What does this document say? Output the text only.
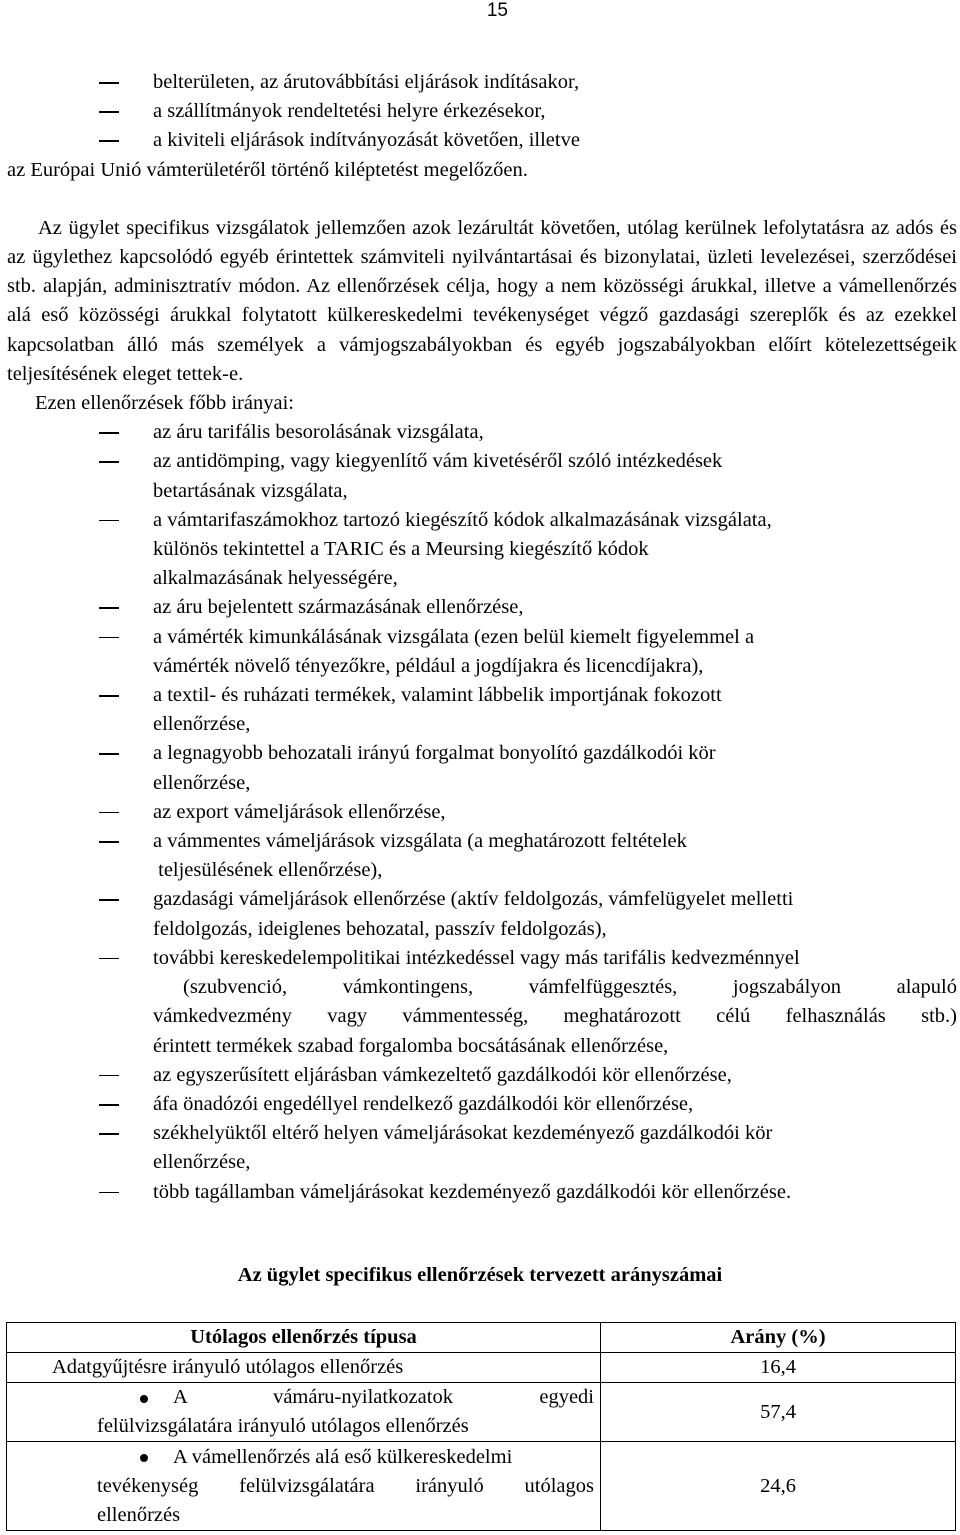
15
belterületen, az árutovábbítási eljárások indításakor,
a szállítmányok rendeltetési helyre érkezésekor,
a kiviteli eljárások indítványozását követően, illetve
az Európai Unió vámterületéről történő kiléptetést megelőzően.
Az ügylet specifikus vizsgálatok jellemzően azok lezárultát követően, utólag kerülnek lefolytatásra az adós és az ügylethez kapcsolódó egyéb érintettek számviteli nyilvántartásai és bizonylatai, üzleti levelezései, szerződései stb. alapján, adminisztratív módon. Az ellenőrzések célja, hogy a nem közösségi árukkal, illetve a vámellenőrzés alá eső közösségi árukkal folytatott külkereskedelmi tevékenységet végző gazdasági szereplők és az ezekkel kapcsolatban álló más személyek a vámjogszabályokban és egyéb jogszabályokban előírt kötelezettségeik teljesítésének eleget tettek-e.
Ezen ellenőrzések főbb irányai:
az áru tarifális besorolásának vizsgálata,
az antidömping, vagy kiegyenlítő vám kivetéséről szóló intézkedések
betartásának vizsgálata,
a vámtarifaszámokhoz tartozó kiegészítő kódok alkalmazásának vizsgálata,
különös tekintettel a TARIC és a Meursing kiegészítő kódok
alkalmazásának helyességére,
az áru bejelentett származásának ellenőrzése,
a vámérték kimunkálásának vizsgálata (ezen belül kiemelt figyelemmel a
vámérték növelő tényezőkre, például a jogdíjakra és licencdíjakra),
a textil- és ruházati termékek, valamint lábbelik importjának fokozott
ellenőrzése,
a legnagyobb behozatali irányú forgalmat bonyolító gazdálkodói kör
ellenőrzése,
az export vámeljárások ellenőrzése,
a vámmentes vámeljárások vizsgálata (a meghatározott feltételek
teljesülésének ellenőrzése),
gazdasági vámeljárások ellenőrzése (aktív feldolgozás, vámfelügyelet melletti
feldolgozás, ideiglenes behozatal, passzív feldolgozás),
további kereskedelempolitikai intézkedéssel vagy más tarifális kedvezménnyel
(szubvenció, vámkontingens, vámfelfüggesztés, jogszabályon alapuló
vámkedvezmény vagy vámmentesség, meghatározott célú felhasználás stb.)
érintett termékek szabad forgalomba bocsátásának ellenőrzése,
az egyszerűsített eljárásban vámkezeltető gazdálkodói kör ellenőrzése,
áfa önadózói engedéllyel rendelkező gazdálkodói kör ellenőrzése,
székhelyüktől eltérő helyen vámeljárásokat kezdeményező gazdálkodói kör
ellenőrzése,
több tagállamban vámeljárásokat kezdeményező gazdálkodói kör ellenőrzése.
Az ügylet specifikus ellenőrzések tervezett arányszámai
Utólagos ellenőrzés típusa	Arány (%)
Adatgyűjtésre irányuló utólagos ellenőrzés	16,4

A vámáru-nyilatkozatok egyedi
felülvizsgálatára irányuló utólagos ellenőrzés	57,4

A vámellenőrzés alá eső külkereskedelmi
tevékenység felülvizsgálatára irányuló utólagos
ellenőrzés	24,6
